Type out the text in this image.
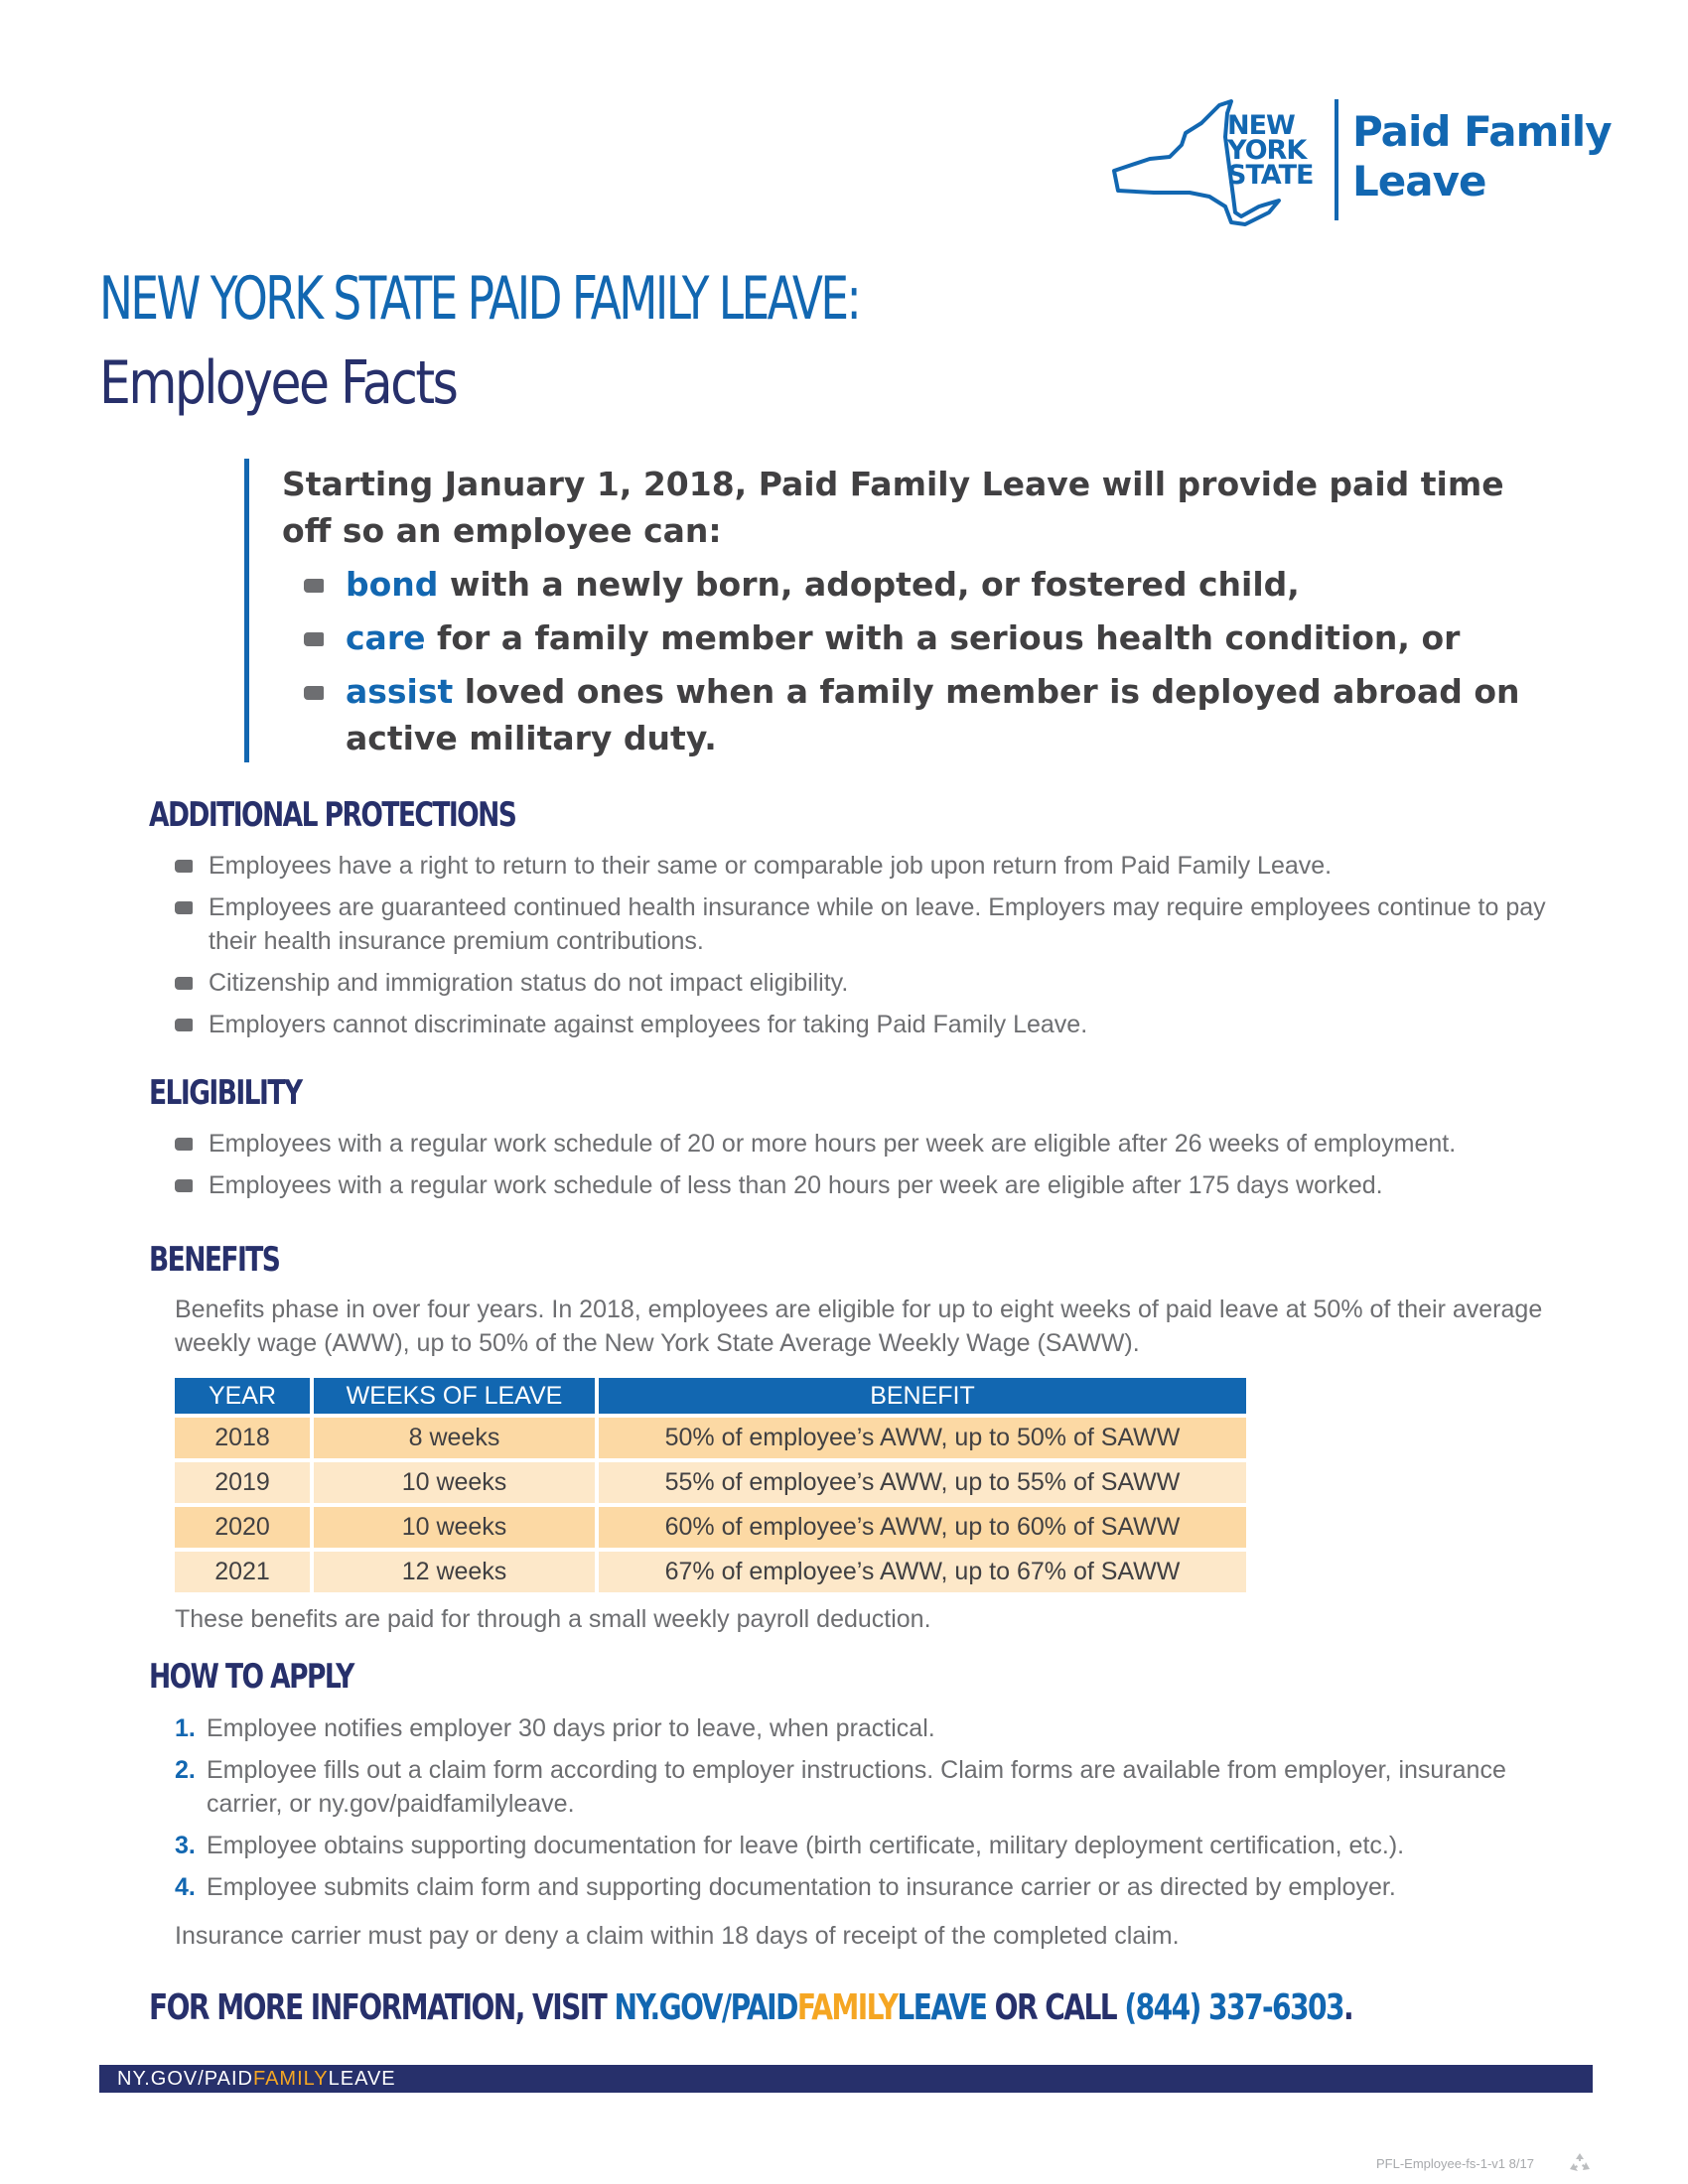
NEW
YORK
STATE
Paid Family
Leave
NEW YORK STATE PAID FAMILY LEAVE:
Employee Facts

Starting January 1, 2018, Paid Family Leave will provide paid time off so an employee can:

bond with a newly born, adopted, or fostered child,
care for a family member with a serious health condition, or
assist loved ones when a family member is deployed abroad on active military duty.
ADDITIONAL PROTECTIONS
Employees have a right to return to their same or comparable job upon return from Paid Family Leave.
Employees are guaranteed continued health insurance while on leave. Employers may require employees continue to pay their health insurance premium contributions.
Citizenship and immigration status do not impact eligibility.
Employers cannot discriminate against employees for taking Paid Family Leave.
ELIGIBILITY
Employees with a regular work schedule of 20 or more hours per week are eligible after 26 weeks of employment.
Employees with a regular work schedule of less than 20 hours per week are eligible after 175 days worked.
BENEFITS

Benefits phase in over four years. In 2018, employees are eligible for up to eight weeks of paid leave at 50% of their average weekly wage (AWW), up to 50% of the New York State Average Weekly Wage (SAWW).

YEAR	WEEKS OF LEAVE	BENEFIT
2018	8 weeks	50% of employee’s AWW, up to 50% of SAWW
2019	10 weeks	55% of employee’s AWW, up to 55% of SAWW
2020	10 weeks	60% of employee’s AWW, up to 60% of SAWW
2021	12 weeks	67% of employee’s AWW, up to 67% of SAWW

These benefits are paid for through a small weekly payroll deduction.

HOW TO APPLY
1. Employee notifies employer 30 days prior to leave, when practical.
2. Employee fills out a claim form according to employer instructions. Claim forms are available from employer, insurance carrier, or ny.gov/paidfamilyleave.
3. Employee obtains supporting documentation for leave (birth certificate, military deployment certification, etc.).
4. Employee submits claim form and supporting documentation to insurance carrier or as directed by employer.

Insurance carrier must pay or deny a claim within 18 days of receipt of the completed claim.

FOR MORE INFORMATION, VISIT NY.GOV/PAIDFAMILYLEAVE OR CALL (844) 337-6303.
NY.GOV/PAIDFAMILYLEAVE
PFL-Employee-fs-1-v1 8/17
